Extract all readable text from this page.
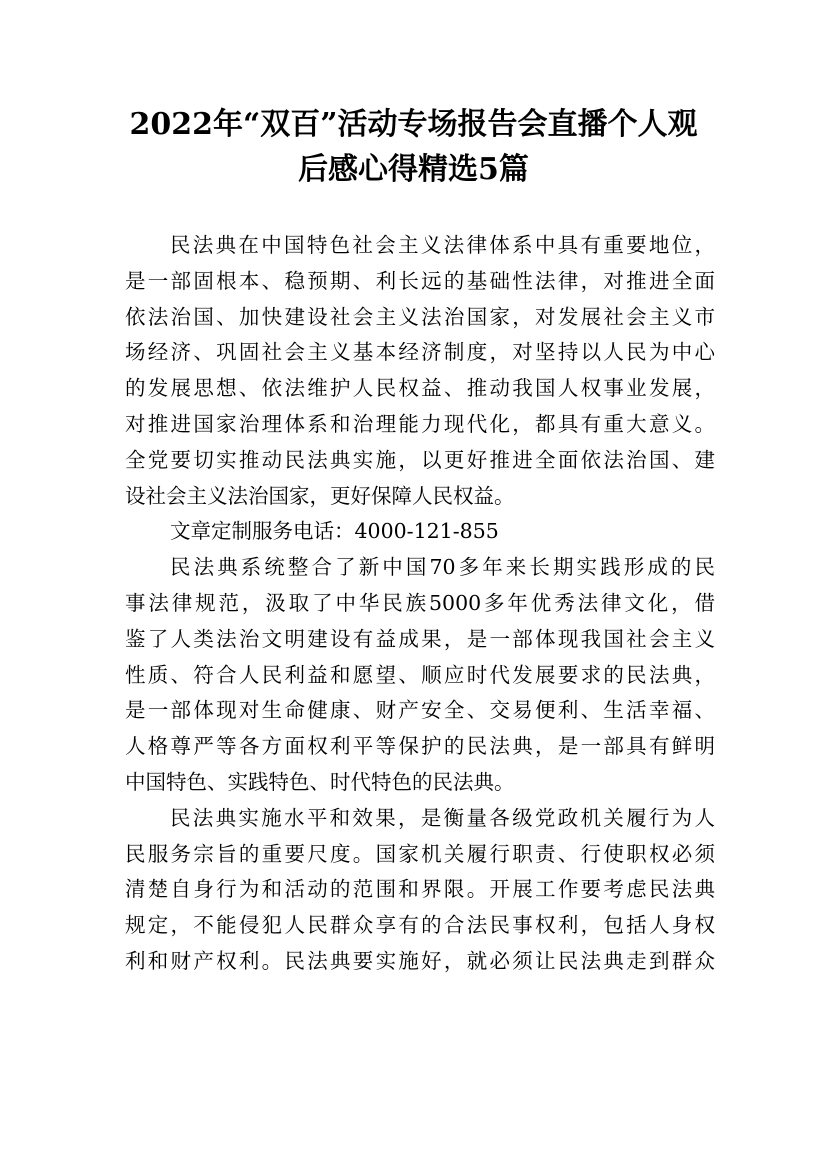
2022年“双百”活动专场报告会直播个人观
后感心得精选5篇
民法典在中国特色社会主义法律体系中具有重要地位，
是一部固根本、稳预期、利长远的基础性法律，对推进全面
依法治国、加快建设社会主义法治国家，对发展社会主义市
场经济、巩固社会主义基本经济制度，对坚持以人民为中心
的发展思想、依法维护人民权益、推动我国人权事业发展，
对推进国家治理体系和治理能力现代化，都具有重大意义。
全党要切实推动民法典实施，以更好推进全面依法治国、建
设社会主义法治国家，更好保障人民权益。
文章定制服务电话：4000-121-855
民法典系统整合了新中国70多年来长期实践形成的民
事法律规范，汲取了中华民族5000多年优秀法律文化，借
鉴了人类法治文明建设有益成果，是一部体现我国社会主义
性质、符合人民利益和愿望、顺应时代发展要求的民法典，
是一部体现对生命健康、财产安全、交易便利、生活幸福、
人格尊严等各方面权利平等保护的民法典，是一部具有鲜明
中国特色、实践特色、时代特色的民法典。
民法典实施水平和效果，是衡量各级党政机关履行为人
民服务宗旨的重要尺度。国家机关履行职责、行使职权必须
清楚自身行为和活动的范围和界限。开展工作要考虑民法典
规定，不能侵犯人民群众享有的合法民事权利，包括人身权
利和财产权利。民法典要实施好，就必须让民法典走到群众
